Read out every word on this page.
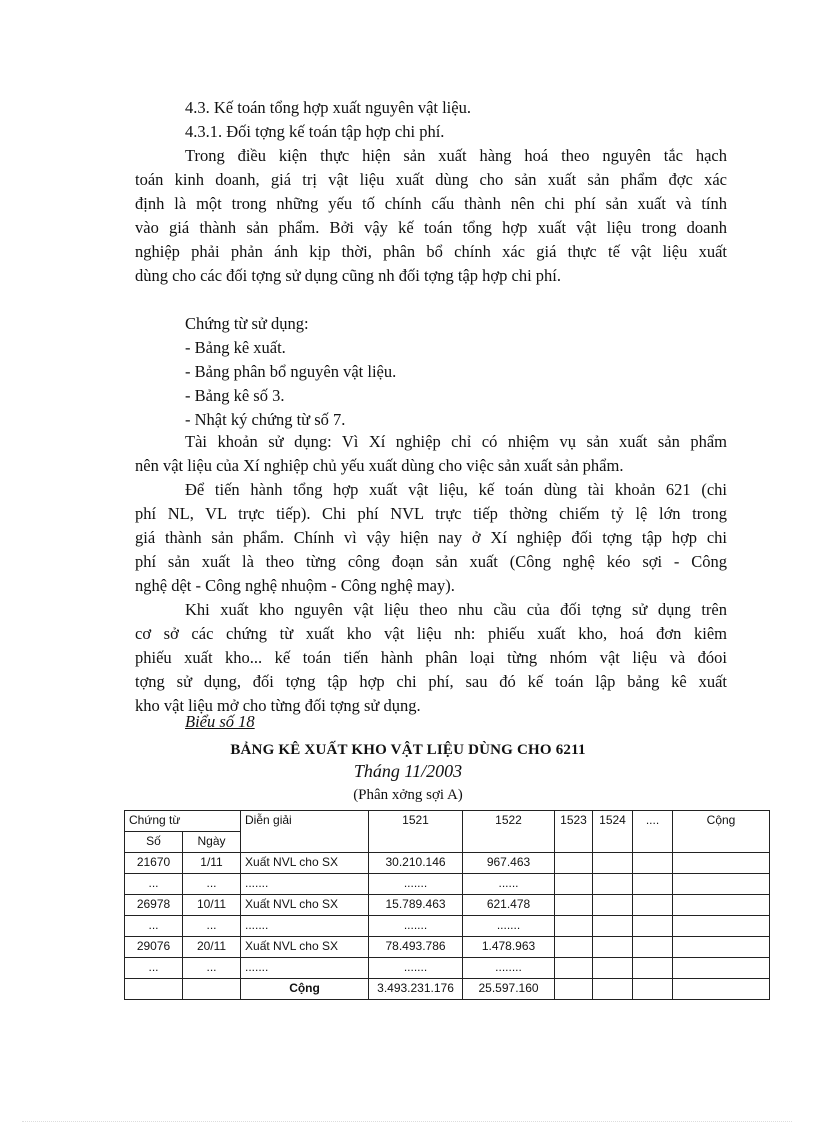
4.3. Kế toán tổng hợp xuất nguyên vật liệu.
4.3.1. Đối tợng kế toán tập hợp chi phí.
Trong điều kiện thực hiện sản xuất hàng hoá theo nguyên tắc hạch
toán kinh doanh, giá trị vật liệu xuất dùng cho sản xuất sản phẩm đợc xác
định là một trong những yếu tố chính cấu thành nên chi phí sản xuất và tính
vào giá thành sản phẩm. Bởi vậy kế toán tổng hợp xuất vật liệu trong doanh
nghiệp phải phản ánh kịp thời, phân bổ chính xác giá thực tế vật liệu xuất
dùng cho các đối tợng sử dụng cũng nh đối tợng tập hợp chi phí.
Chứng từ sử dụng:
- Bảng kê xuất.
- Bảng phân bổ nguyên vật liệu.
- Bảng kê số 3.
- Nhật ký chứng từ số 7.
Tài khoản sử dụng: Vì Xí nghiệp chỉ có nhiệm vụ sản xuất sản phẩm
nên vật liệu của Xí nghiệp chủ yếu xuất dùng cho việc sản xuất sản phẩm.
Để tiến hành tổng hợp xuất vật liệu, kế toán dùng tài khoản 621 (chi
phí NL, VL trực tiếp). Chi phí NVL trực tiếp thờng chiếm tỷ lệ lớn trong
giá thành sản phẩm. Chính vì vậy hiện nay ở Xí nghiệp đối tợng tập hợp chi
phí sản xuất là theo từng công đoạn sản xuất (Công nghệ kéo sợi - Công
nghệ dệt - Công nghệ nhuộm - Công nghệ may).
Khi xuất kho nguyên vật liệu theo nhu cầu của đối tợng sử dụng trên
cơ sở các chứng từ xuất kho vật liệu nh: phiếu xuất kho, hoá đơn kiêm
phiếu xuất kho... kế toán tiến hành phân loại từng nhóm vật liệu và đóoi
tợng sử dụng, đối tợng tập hợp chi phí, sau đó kế toán lập bảng kê xuất
kho vật liệu mở cho từng đối tợng sử dụng.
Biểu số 18
BẢNG KÊ XUẤT KHO VẬT LIỆU DÙNG CHO 6211
Tháng 11/2003
(Phân xởng sợi A)
Chứng từ		Diễn giải	1521	1522	1523	1524	....	Cộng
Số	Ngày							
21670	1/11	Xuất NVL cho SX	30.210.146	967.463				
...	...	.......	.......	......				
26978	10/11	Xuất NVL cho SX	15.789.463	621.478				
...	...	.......	.......	.......				
29076	20/11	Xuất NVL cho SX	78.493.786	1.478.963				
...	...	.......	.......	........				
		Cộng	3.493.231.176	25.597.160				
